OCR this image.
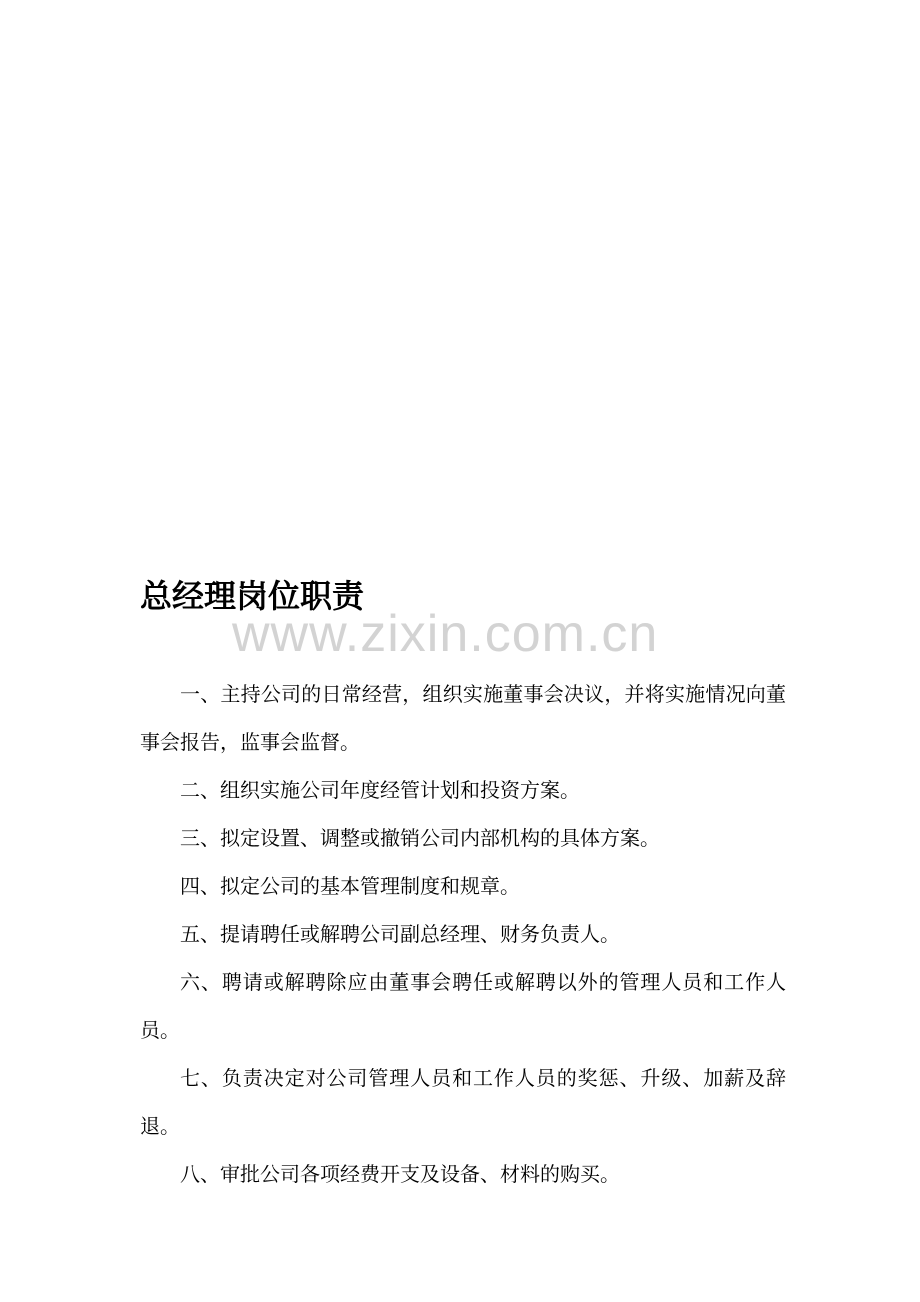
总经理岗位职责
www.zixin.com.cn

一、主持公司的日常经营，组织实施董事会决议，并将实施情况向董事会报告，监事会监督。

二、组织实施公司年度经管计划和投资方案。

三、拟定设置、调整或撤销公司内部机构的具体方案。

四、拟定公司的基本管理制度和规章。

五、提请聘任或解聘公司副总经理、财务负责人。

六、聘请或解聘除应由董事会聘任或解聘以外的管理人员和工作人员。

七、负责决定对公司管理人员和工作人员的奖惩、升级、加薪及辞退。

八、审批公司各项经费开支及设备、材料的购买。
